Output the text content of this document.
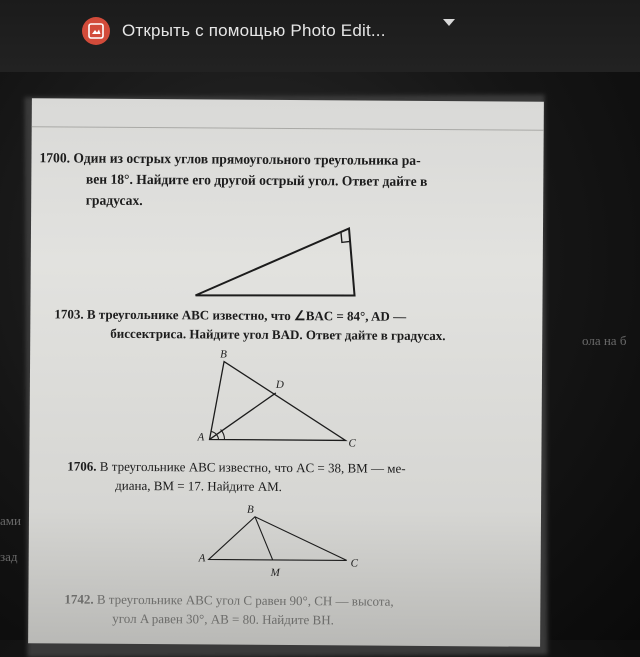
Открыть с помощью Photo Edit...
ами
зад
ола на б
1700. Один из острых углов прямоугольного треугольника ра-
вен 18°. Найдите его другой острый угол. Ответ дайте в
градусах.
1703. В треугольнике ABC известно, что ∠BAC = 84°, AD —
биссектриса. Найдите угол BAD. Ответ дайте в градусах.
B
D
A
C
1706. В треугольнике ABC известно, что AC = 38, BM — ме-
диана, BM = 17. Найдите AM.
B
A	C
M
1742. В треугольнике ABC угол C равен 90°, CH — высота,
угол A равен 30°, AB = 80. Найдите BH.
